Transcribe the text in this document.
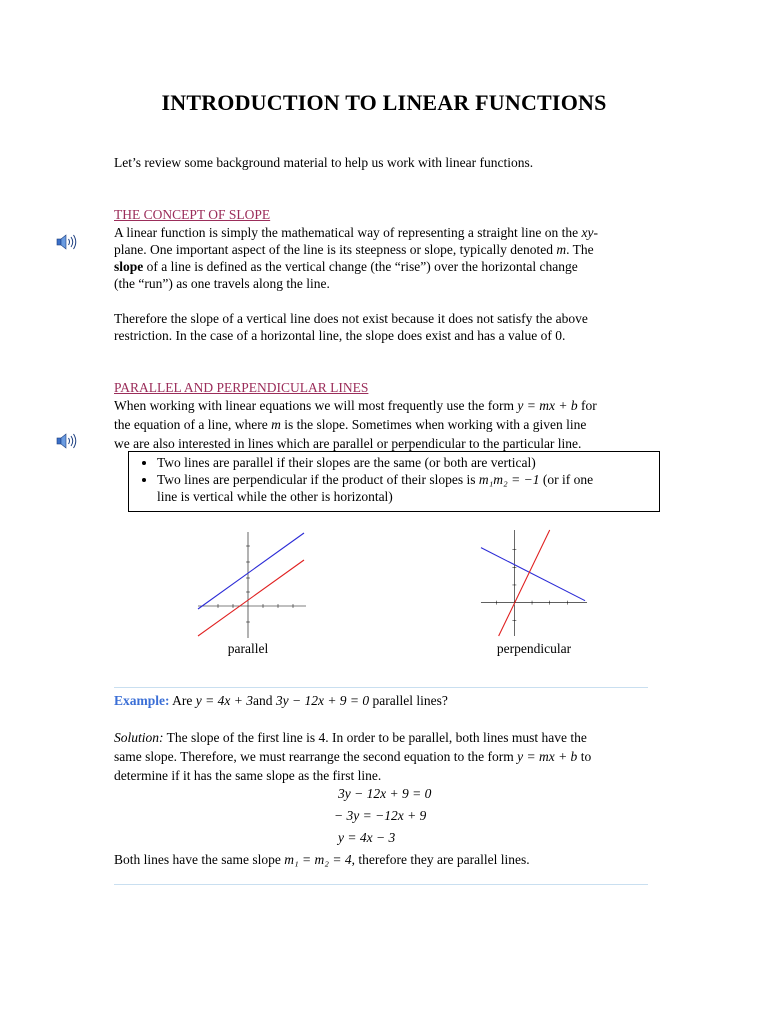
INTRODUCTION TO LINEAR FUNCTIONS
Let’s review some background material to help us work with linear functions.
THE CONCEPT OF SLOPE
A linear function is simply the mathematical way of representing a straight line on the xy-
plane. One important aspect of the line is its steepness or slope, typically denoted m. The
slope of a line is defined as the vertical change (the “rise”) over the horizontal change
(the “run”) as one travels along the line.
Therefore the slope of a vertical line does not exist because it does not satisfy the above
restriction. In the case of a horizontal line, the slope does exist and has a value of 0.
PARALLEL AND PERPENDICULAR LINES
When working with linear equations we will most frequently use the form y = mx + b for
the equation of a line, where m is the slope. Sometimes when working with a given line
we are also interested in lines which are parallel or perpendicular to the particular line.
• Two lines are parallel if their slopes are the same (or both are vertical)
• Two lines are perpendicular if the product of their slopes is m₁m₂ = −1 (or if one
line is vertical while the other is horizontal)
parallel	perpendicular
Example: Are y = 4x + 3and 3y − 12x + 9 = 0 parallel lines?
Solution: The slope of the first line is 4. In order to be parallel, both lines must have the
same slope. Therefore, we must rearrange the second equation to the form y = mx + b to
determine if it has the same slope as the first line.
3y − 12x + 9 = 0
− 3y = −12x + 9
y = 4x − 3
Both lines have the same slope m₁ = m₂ = 4, therefore they are parallel lines.
